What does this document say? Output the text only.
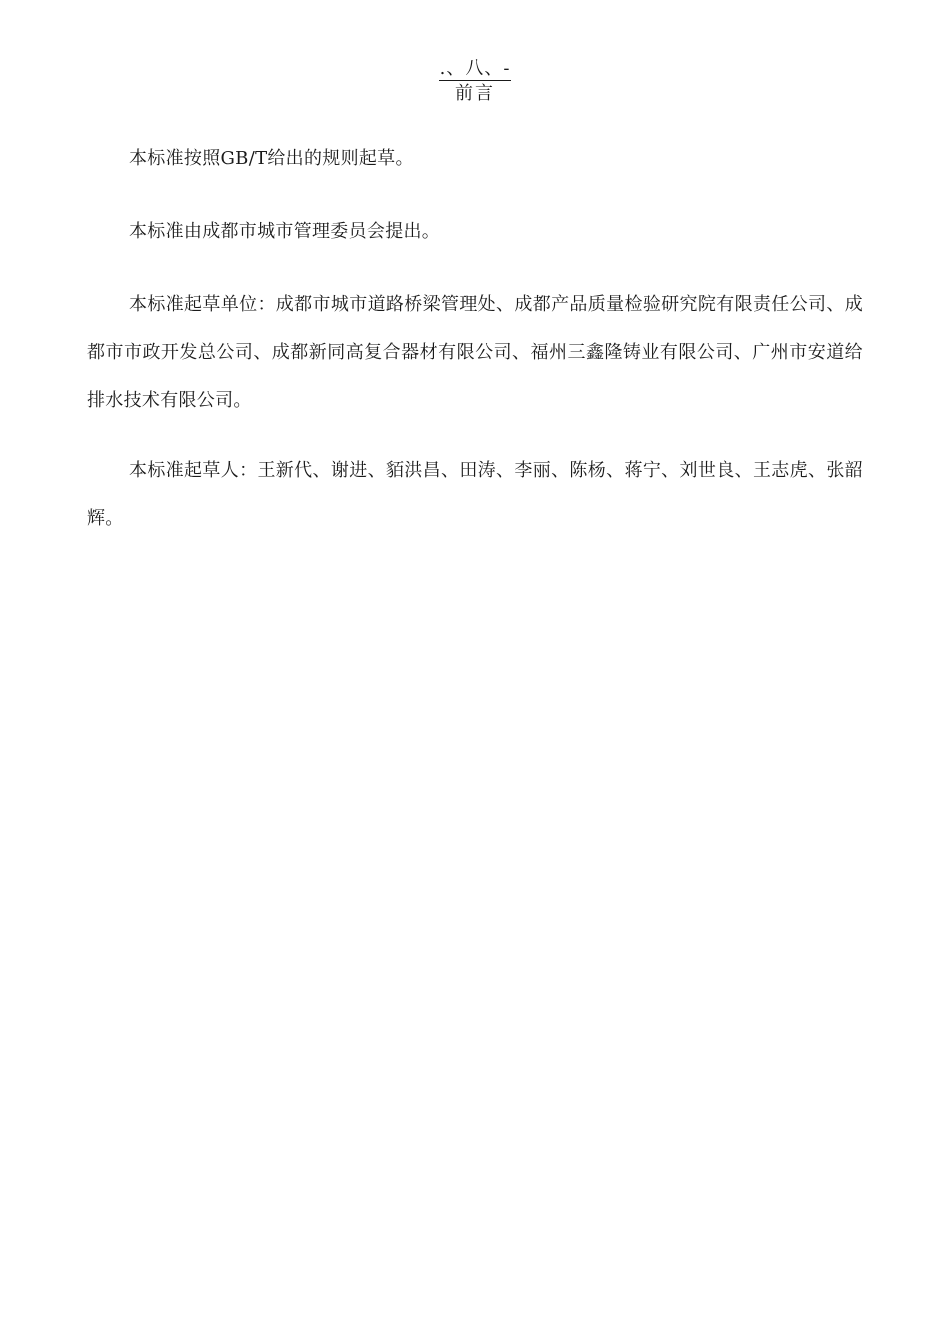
.、八、-
前言

本标准按照GB/T给出的规则起草。

本标准由成都市城市管理委员会提出。

本标准起草单位：成都市城市道路桥梁管理处、成都产品质量检验研究院有限责任公司、成都市市政开发总公司、成都新同高复合器材有限公司、福州三鑫隆铸业有限公司、广州市安道给排水技术有限公司。

本标准起草人：王新代、谢进、貊洪昌、田涛、李丽、陈杨、蒋宁、刘世良、王志虎、张韶辉。
